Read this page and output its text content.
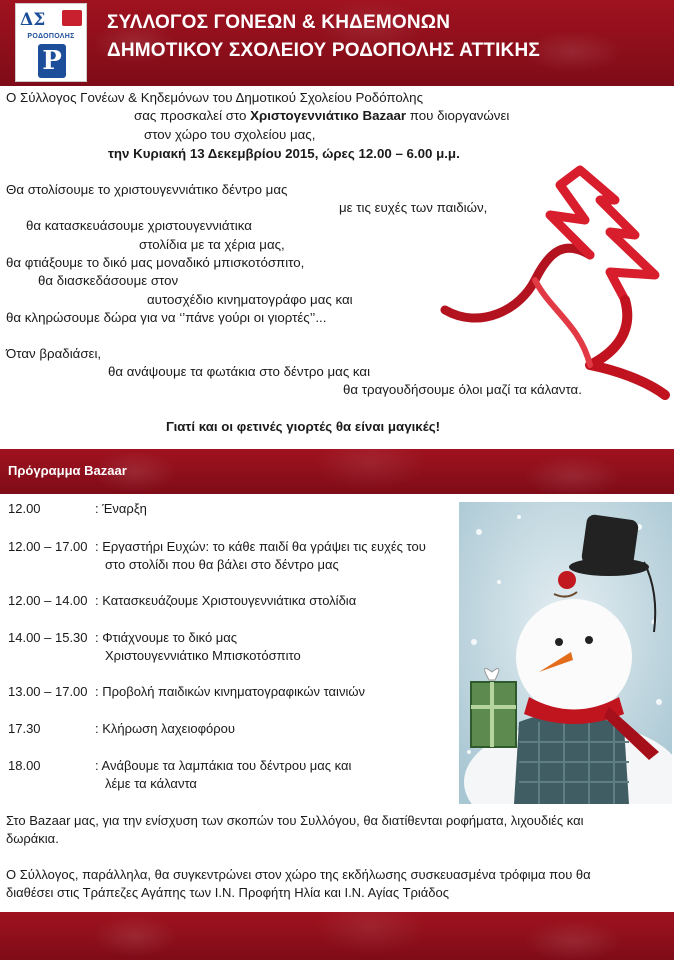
ΔΣ
ΡΟΔΟΠΟΛΗΣ
Ρ
ΣΥΛΛΟΓΟΣ ΓΟΝΕΩΝ & ΚΗΔΕΜΟΝΩΝ
ΔΗΜΟΤΙΚΟΥ ΣΧΟΛΕΙΟΥ ΡΟΔΟΠΟΛΗΣ ΑΤΤΙΚΗΣ
Ο Σύλλογος Γονέων & Κηδεμόνων του Δημοτικού Σχολείου Ροδόπολης
σας προσκαλεί στο Χριστογεννιάτικο Bazaar που διοργανώνει
στον χώρο του σχολείου μας,
την Κυριακή 13 Δεκεμβρίου 2015, ώρες 12.00 – 6.00 μ.μ.
Θα στολίσουμε το χριστουγεννιάτικο δέντρο μας
με τις ευχές των παιδιών,
θα κατασκευάσουμε χριστουγεννιάτικα
στολίδια με τα χέρια μας,
θα φτιάξουμε το δικό μας μοναδικό μπισκοτόσπιτο,
θα διασκεδάσουμε στον
αυτοσχέδιο κινηματογράφο μας και
θα κληρώσουμε δώρα για να ‘’πάνε γούρι οι γιορτές’’...
Όταν βραδιάσει,
θα ανάψουμε τα φωτάκια στο δέντρο μας και
θα τραγουδήσουμε όλοι μαζί τα κάλαντα.
Γιατί και οι φετινές γιορτές θα είναι μαγικές!
Πρόγραμμα Bazaar
12.00	: Έναρξη
12.00 – 17.00 : Εργαστήρι Ευχών: το κάθε παιδί θα γράψει τις ευχές του
στο στολίδι που θα βάλει στο δέντρο μας
12.00 – 14.00 : Κατασκευάζουμε Χριστουγεννιάτικα στολίδια
14.00 – 15.30 : Φτιάχνουμε το δικό μας
Χριστουγεννιάτικο Μπισκοτόσπιτο
13.00 – 17.00 : Προβολή παιδικών κινηματογραφικών ταινιών
17.30	: Κλήρωση λαχειοφόρου
18.00	: Ανάβουμε τα λαμπάκια του δέντρου μας και
λέμε τα κάλαντα
Στο Bazaar μας, για την ενίσχυση των σκοπών του Συλλόγου, θα διατίθενται ροφήματα, λιχουδιές και
δωράκια.
Ο Σύλλογος, παράλληλα, θα συγκεντρώνει στον χώρο της εκδήλωσης συσκευασμένα τρόφιμα που θα
διαθέσει στις Τράπεζες Αγάπης των Ι.Ν. Προφήτη Ηλία και Ι.Ν. Αγίας Τριάδος
